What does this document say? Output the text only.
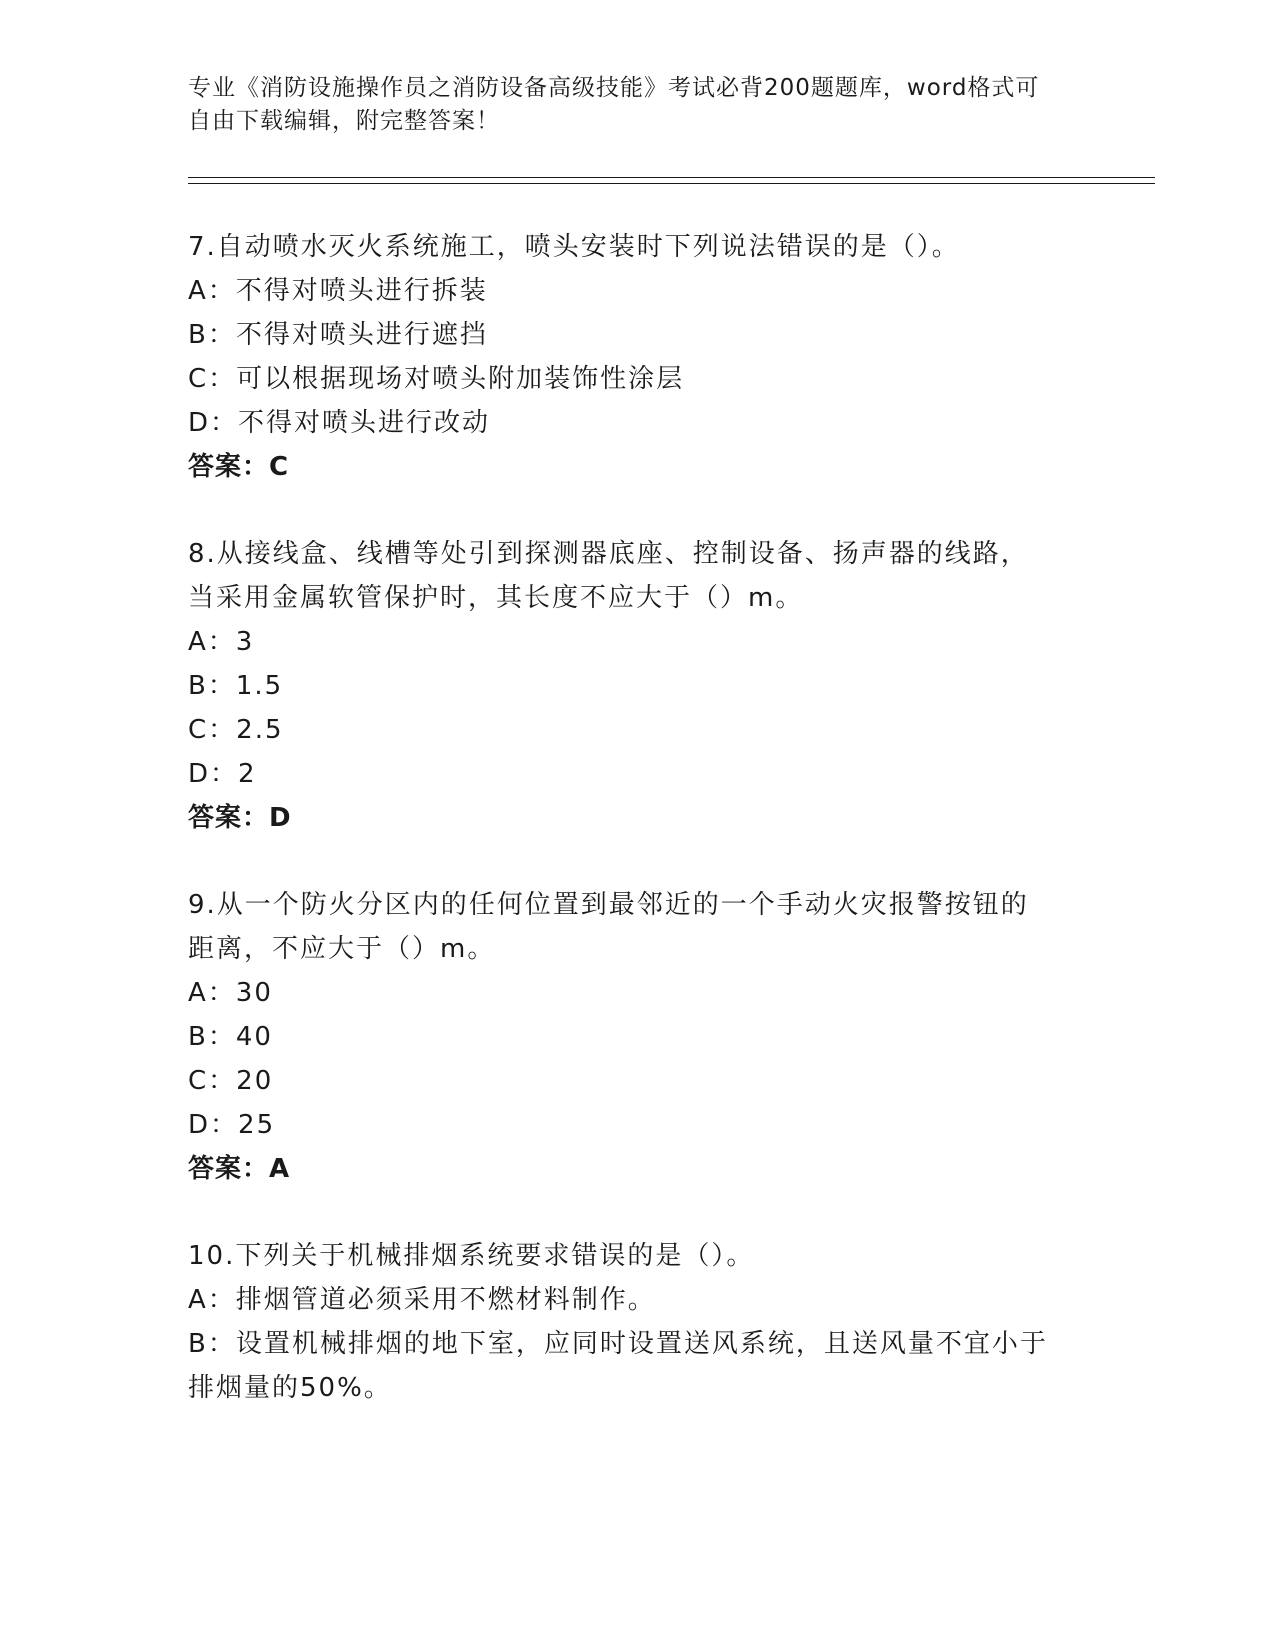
专业《消防设施操作员之消防设备高级技能》考试必背200题题库，word格式可
自由下载编辑，附完整答案！
7.自动喷水灭火系统施工，喷头安装时下列说法错误的是（）。
A：不得对喷头进行拆装
B：不得对喷头进行遮挡
C：可以根据现场对喷头附加装饰性涂层
D：不得对喷头进行改动
答案：C
8.从接线盒、线槽等处引到探测器底座、控制设备、扬声器的线路，
当采用金属软管保护时，其长度不应大于（）m。
A：3
B：1.5
C：2.5
D：2
答案：D
9.从一个防火分区内的任何位置到最邻近的一个手动火灾报警按钮的
距离，不应大于（）m。
A：30
B：40
C：20
D：25
答案：A
10.下列关于机械排烟系统要求错误的是（）。
A：排烟管道必须采用不燃材料制作。
B：设置机械排烟的地下室，应同时设置送风系统，且送风量不宜小于
排烟量的50%。
